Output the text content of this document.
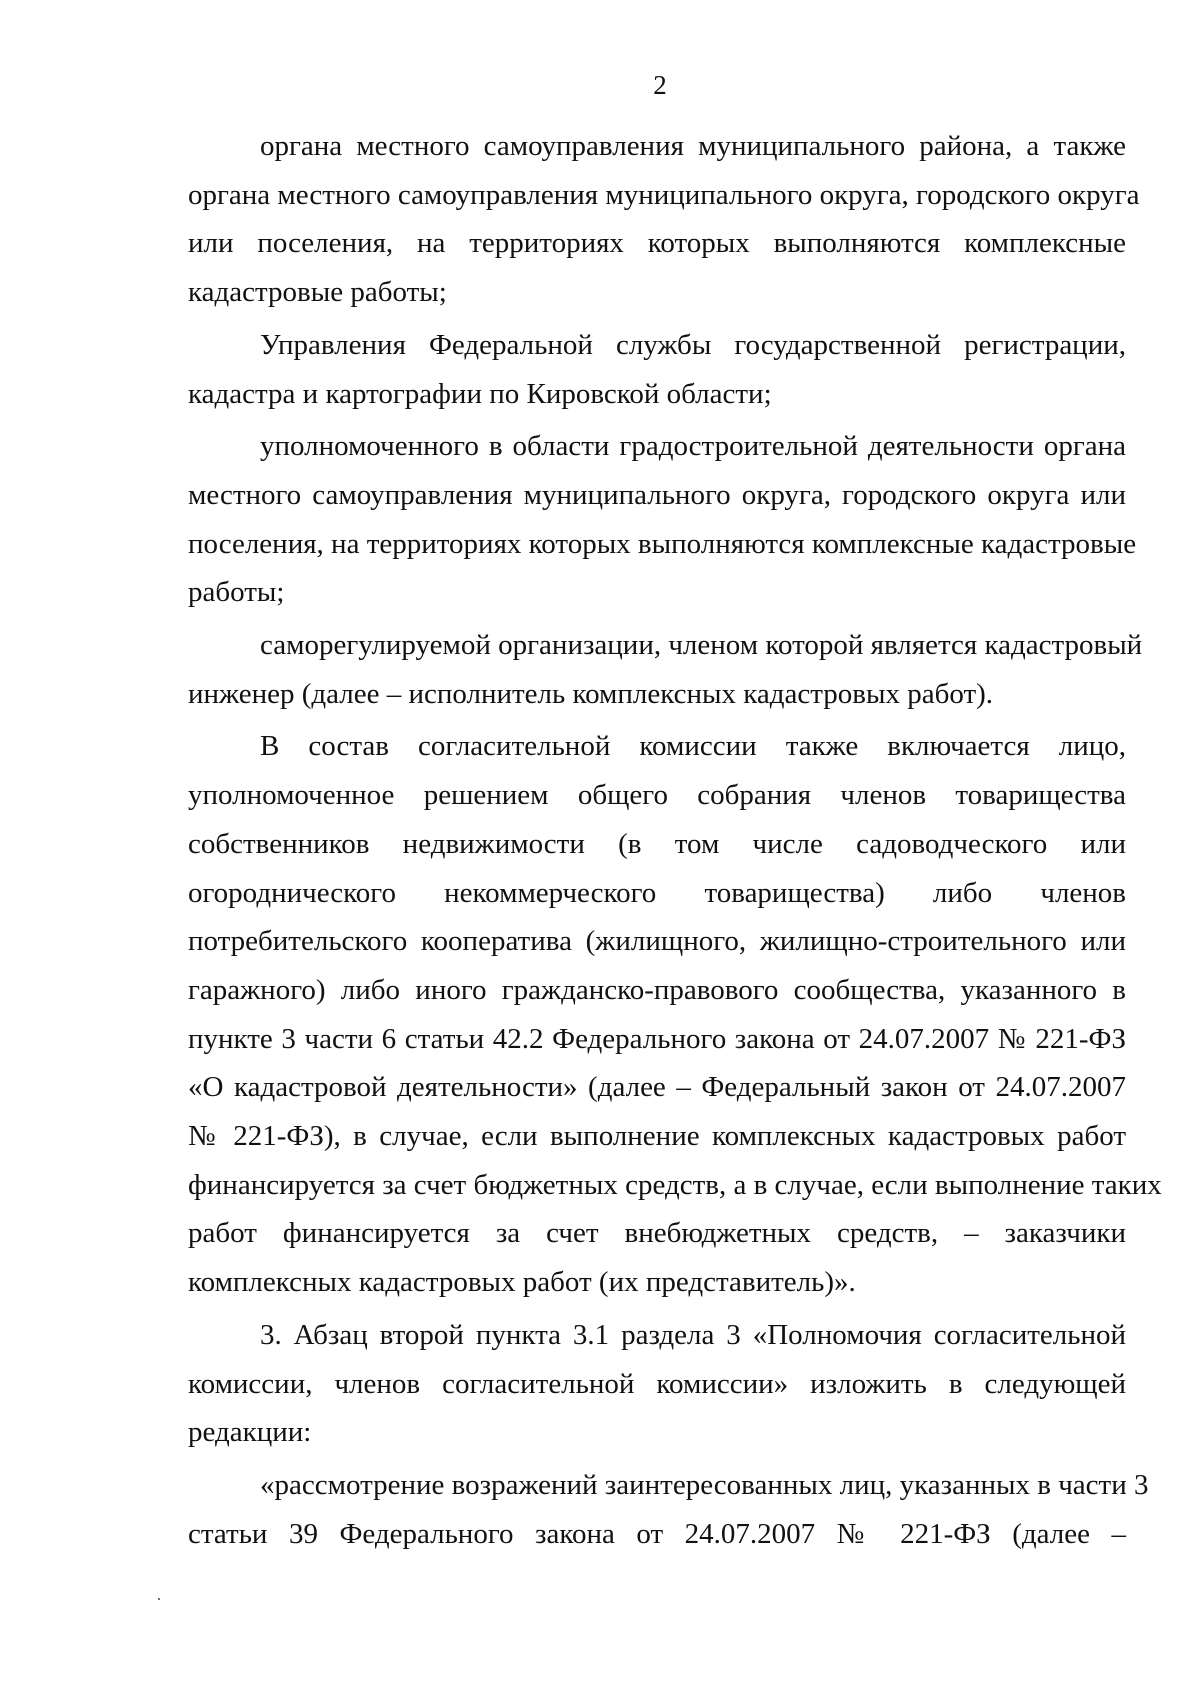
2
органа местного самоуправления муниципального района, а также
органа местного самоуправления муниципального округа, городского округа
или поселения, на территориях которых выполняются комплексные
кадастровые работы;
Управления Федеральной службы государственной регистрации,
кадастра и картографии по Кировской области;
уполномоченного в области градостроительной деятельности органа
местного самоуправления муниципального округа, городского округа или
поселения, на территориях которых выполняются комплексные кадастровые
работы;
саморегулируемой организации, членом которой является кадастровый
инженер (далее – исполнитель комплексных кадастровых работ).
В состав согласительной комиссии также включается лицо,
уполномоченное решением общего собрания членов товарищества
собственников недвижимости (в том числе садоводческого или
огороднического некоммерческого товарищества) либо членов
потребительского кооператива (жилищного, жилищно-строительного или
гаражного) либо иного гражданско-правового сообщества, указанного в
пункте 3 части 6 статьи 42.2 Федерального закона от 24.07.2007 № 221-ФЗ
«О кадастровой деятельности» (далее – Федеральный закон от 24.07.2007
№ 221-ФЗ), в случае, если выполнение комплексных кадастровых работ
финансируется за счет бюджетных средств, а в случае, если выполнение таких
работ финансируется за счет внебюджетных средств, – заказчики
комплексных кадастровых работ (их представитель)».
3. Абзац второй пункта 3.1 раздела 3 «Полномочия согласительной
комиссии, членов согласительной комиссии» изложить в следующей
редакции:
«рассмотрение возражений заинтересованных лиц, указанных в части 3
статьи 39 Федерального закона от 24.07.2007 № 221-ФЗ (далее –
